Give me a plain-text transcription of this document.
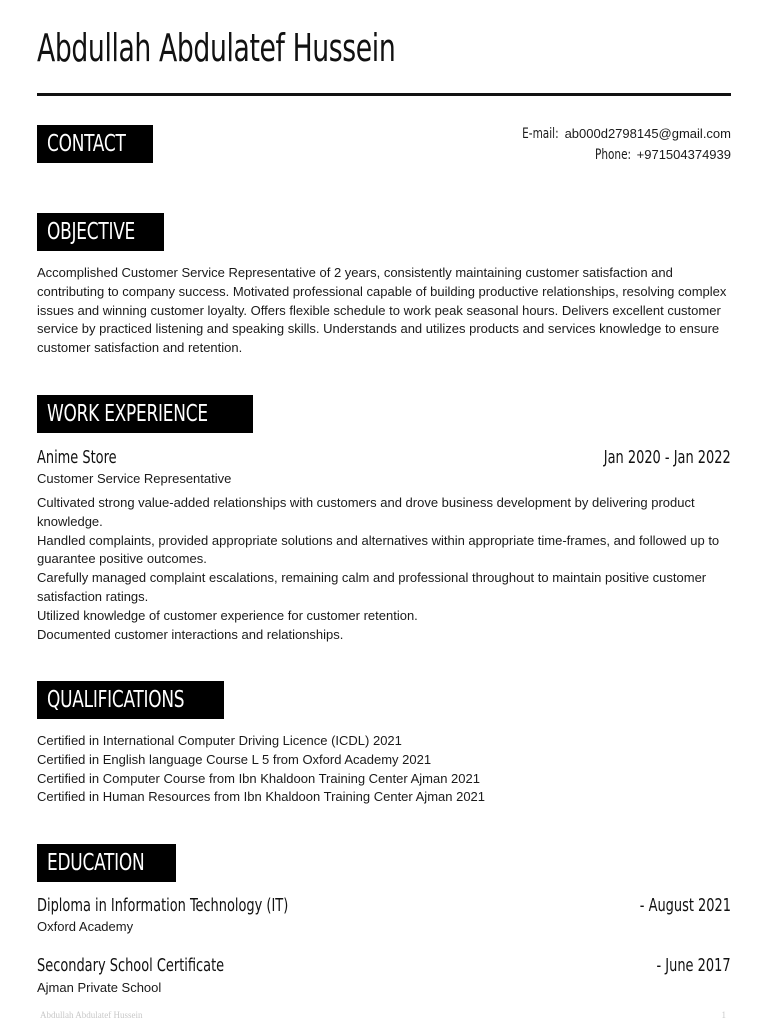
Abdullah Abdulatef Hussein
CONTACT	E-mail: ab000d2798145@gmail.com
Phone: +971504374939
OBJECTIVE

Accomplished Customer Service Representative of 2 years, consistently maintaining customer satisfaction and contributing to company success. Motivated professional capable of building productive relationships, resolving complex issues and winning customer loyalty. Offers flexible schedule to work peak seasonal hours. Delivers excellent customer service by practiced listening and speaking skills. Understands and utilizes products and services knowledge to ensure customer satisfaction and retention.

WORK EXPERIENCE
Anime Store	Jan 2020 - Jan 2022
Customer Service Representative

Cultivated strong value-added relationships with customers and drove business development by delivering product knowledge.

Handled complaints, provided appropriate solutions and alternatives within appropriate time-frames, and followed up to guarantee positive outcomes.

Carefully managed complaint escalations, remaining calm and professional throughout to maintain positive customer satisfaction ratings.

Utilized knowledge of customer experience for customer retention.

Documented customer interactions and relationships.

QUALIFICATIONS

Certified in International Computer Driving Licence (ICDL) 2021

Certified in English language Course L 5 from Oxford Academy 2021

Certified in Computer Course from Ibn Khaldoon Training Center Ajman 2021

Certified in Human Resources from Ibn Khaldoon Training Center Ajman 2021

EDUCATION
Diploma in Information Technology (IT)	- August 2021
Oxford Academy
Secondary School Certificate	- June 2017
Ajman Private School
Abdullah Abdulatef Hussein	1
